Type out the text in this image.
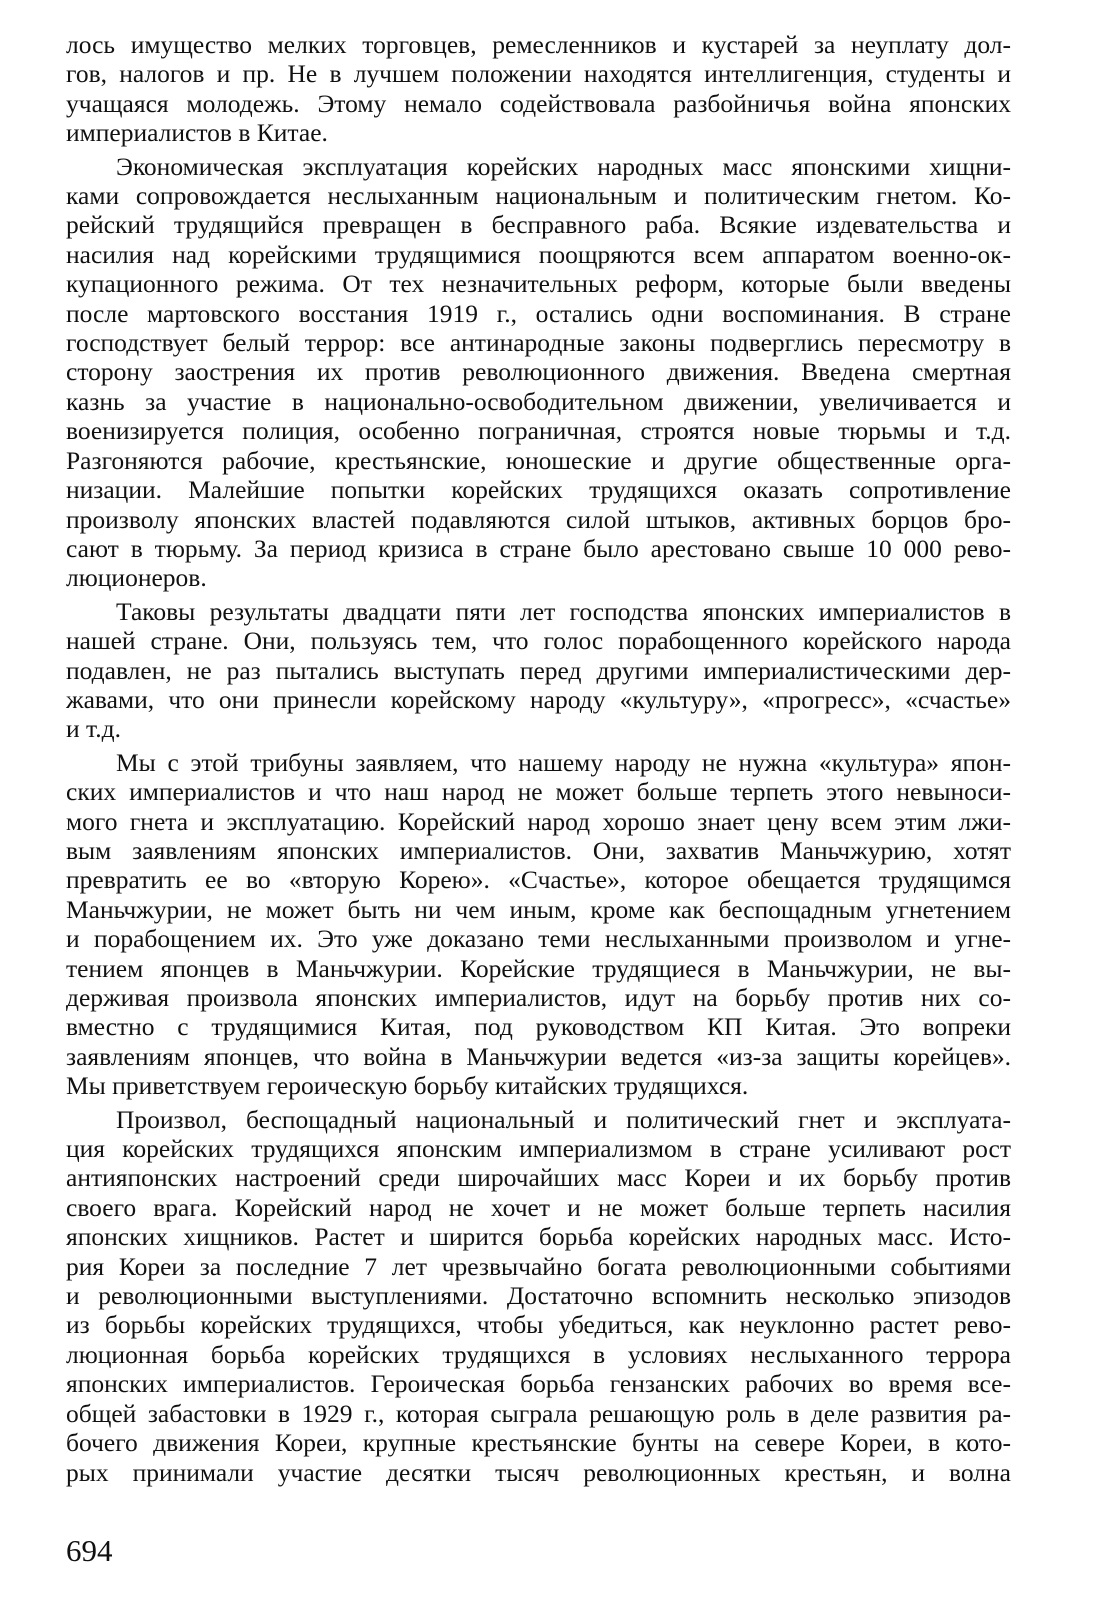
лось имущество мелких торговцев, ремесленников и кустарей за неуплату дол-
гов, налогов и пр. Не в лучшем положении находятся интеллигенция, студенты и
учащаяся молодежь. Этому немало содействовала разбойничья война японских
империалистов в Китае.
Экономическая эксплуатация корейских народных масс японскими хищни-
ками сопровождается неслыханным национальным и политическим гнетом. Ко-
рейский трудящийся превращен в бесправного раба. Всякие издевательства и
насилия над корейскими трудящимися поощряются всем аппаратом военно-ок-
купационного режима. От тех незначительных реформ, которые были введены
после мартовского восстания 1919 г., остались одни воспоминания. В стране
господствует белый террор: все антинародные законы подверглись пересмотру в
сторону заострения их против революционного движения. Введена смертная
казнь за участие в национально-освободительном движении, увеличивается и
военизируется полиция, особенно пограничная, строятся новые тюрьмы и т.д.
Разгоняются рабочие, крестьянские, юношеские и другие общественные орга-
низации. Малейшие попытки корейских трудящихся оказать сопротивление
произволу японских властей подавляются силой штыков, активных борцов бро-
сают в тюрьму. За период кризиса в стране было арестовано свыше 10 000 рево-
люционеров.
Таковы результаты двадцати пяти лет господства японских империалистов в
нашей стране. Они, пользуясь тем, что голос порабощенного корейского народа
подавлен, не раз пытались выступать перед другими империалистическими дер-
жавами, что они принесли корейскому народу «культуру», «прогресс», «счастье»
и т.д.
Мы с этой трибуны заявляем, что нашему народу не нужна «культура» япон-
ских империалистов и что наш народ не может больше терпеть этого невыноси-
мого гнета и эксплуатацию. Корейский народ хорошо знает цену всем этим лжи-
вым заявлениям японских империалистов. Они, захватив Маньчжурию, хотят
превратить ее во «вторую Корею». «Счастье», которое обещается трудящимся
Маньчжурии, не может быть ни чем иным, кроме как беспощадным угнетением
и порабощением их. Это уже доказано теми неслыханными произволом и угне-
тением японцев в Маньчжурии. Корейские трудящиеся в Маньчжурии, не вы-
держивая произвола японских империалистов, идут на борьбу против них со-
вместно с трудящимися Китая, под руководством КП Китая. Это вопреки
заявлениям японцев, что война в Маньчжурии ведется «из-за защиты корейцев».
Мы приветствуем героическую борьбу китайских трудящихся.
Произвол, беспощадный национальный и политический гнет и эксплуата-
ция корейских трудящихся японским империализмом в стране усиливают рост
антияпонских настроений среди широчайших масс Кореи и их борьбу против
своего врага. Корейский народ не хочет и не может больше терпеть насилия
японских хищников. Растет и ширится борьба корейских народных масс. Исто-
рия Кореи за последние 7 лет чрезвычайно богата революционными событиями
и революционными выступлениями. Достаточно вспомнить несколько эпизодов
из борьбы корейских трудящихся, чтобы убедиться, как неуклонно растет рево-
люционная борьба корейских трудящихся в условиях неслыханного террора
японских империалистов. Героическая борьба гензанских рабочих во время все-
общей забастовки в 1929 г., которая сыграла решающую роль в деле развития ра-
бочего движения Кореи, крупные крестьянские бунты на севере Кореи, в кото-
рых принимали участие десятки тысяч революционных крестьян, и волна
694
